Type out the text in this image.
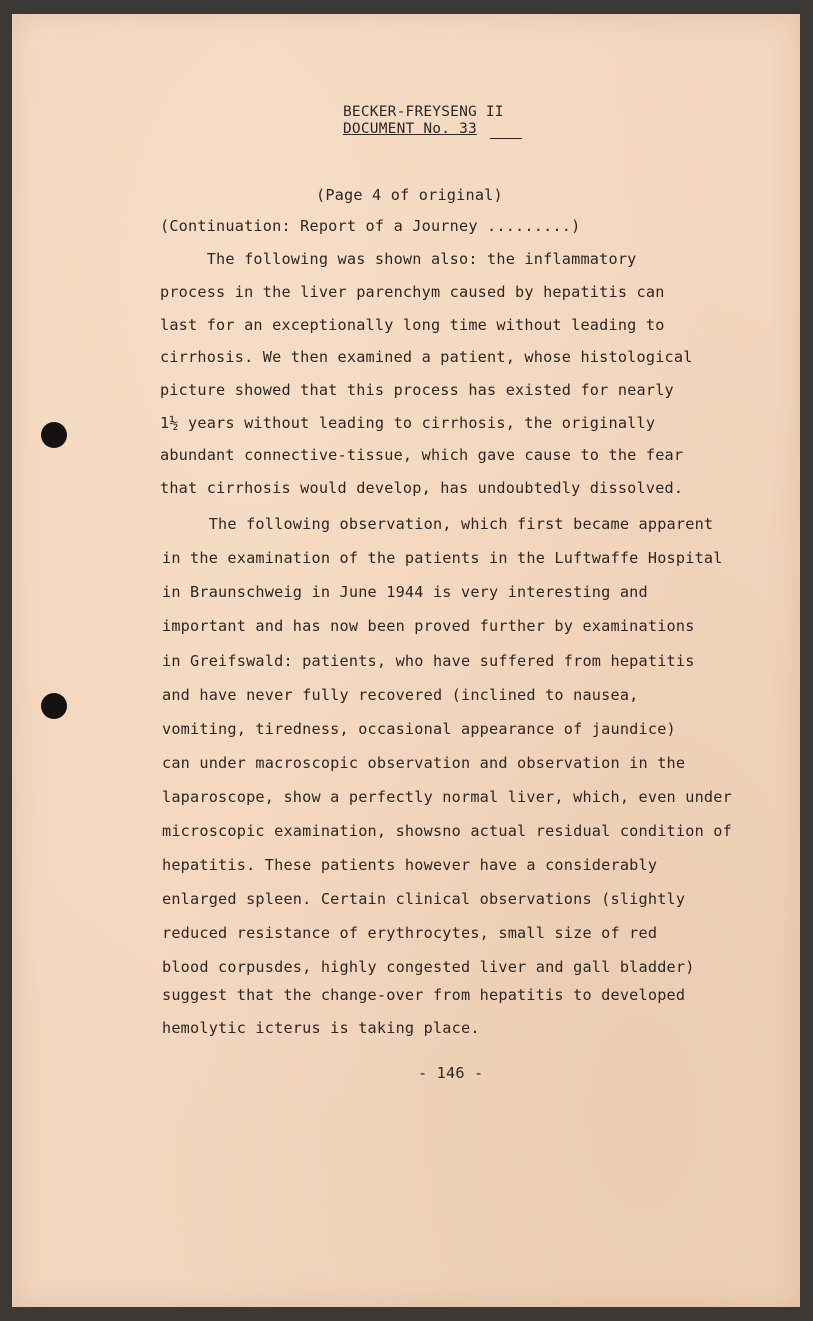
BECKER-FREYSENG II
DOCUMENT No. 33
(Page 4 of original)
(Continuation: Report of a Journey .........)
The following was shown also: the inflammatory
process in the liver parenchym caused by hepatitis can
last for an exceptionally long time without leading to
cirrhosis. We then examined a patient, whose histological
picture showed that this process has existed for nearly
1½ years without leading to cirrhosis, the originally
abundant connective-tissue, which gave cause to the fear
that cirrhosis would develop, has undoubtedly dissolved.
The following observation, which first became apparent
in the examination of the patients in the Luftwaffe Hospital
in Braunschweig in June 1944 is very interesting and
important and has now been proved further by examinations
in Greifswald: patients, who have suffered from hepatitis
and have never fully recovered (inclined to nausea,
vomiting, tiredness, occasional appearance of jaundice)
can under macroscopic observation and observation in the
laparoscope, show a perfectly normal liver, which, even under
microscopic examination, showsno actual residual condition of
hepatitis. These patients however have a considerably
enlarged spleen. Certain clinical observations (slightly
reduced resistance of erythrocytes, small size of red
blood corpusdes, highly congested liver and gall bladder)
suggest that the change-over from hepatitis to developed
hemolytic icterus is taking place.
- 146 -
